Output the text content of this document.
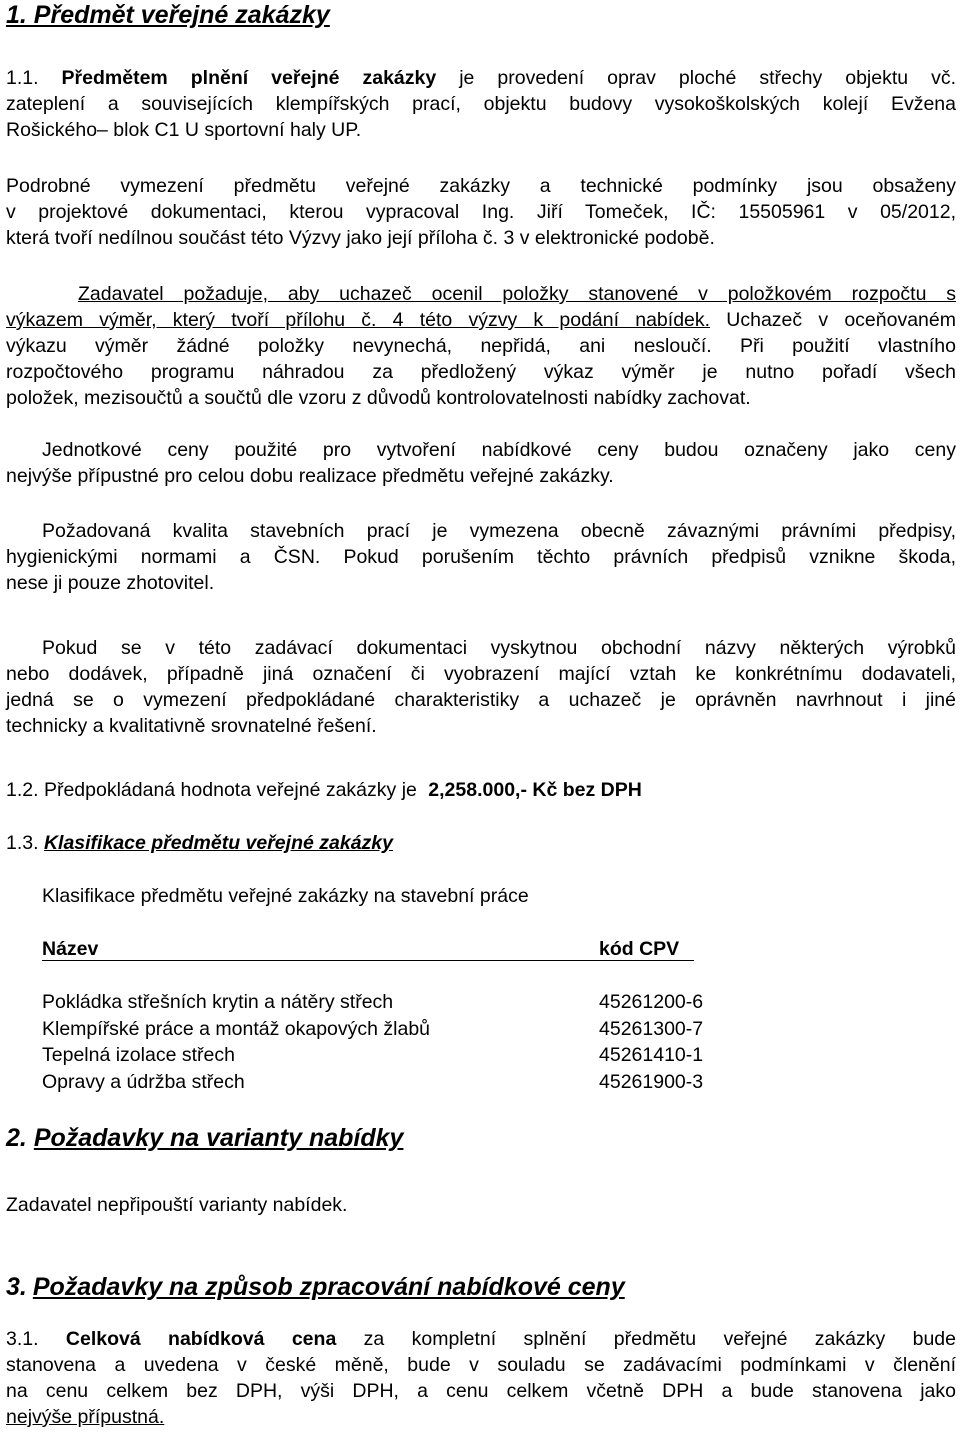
1. Předmět veřejné zakázky
1.1. Předmětem plnění veřejné zakázky je provedení oprav ploché střechy objektu vč.
zateplení a souvisejících klempířských prací, objektu budovy vysokoškolských kolejí Evžena
Rošického– blok C1 U sportovní haly UP.
Podrobné vymezení předmětu veřejné zakázky a technické podmínky jsou obsaženy
v projektové dokumentaci, kterou vypracoval Ing. Jiří Tomeček, IČ: 15505961 v 05/2012,
která tvoří nedílnou součást této Výzvy jako její příloha č. 3 v elektronické podobě.
Zadavatel požaduje, aby uchazeč ocenil položky stanovené v položkovém rozpočtu s
výkazem výměr, který tvoří přílohu č. 4 této výzvy k podání nabídek. Uchazeč v oceňovaném
výkazu výměr žádné položky nevynechá, nepřidá, ani nesloučí. Při použití vlastního
rozpočtového programu náhradou za předložený výkaz výměr je nutno pořadí všech
položek, mezisoučtů a součtů dle vzoru z důvodů kontrolovatelnosti nabídky zachovat.
Jednotkové ceny použité pro vytvoření nabídkové ceny budou označeny jako ceny
nejvýše přípustné pro celou dobu realizace předmětu veřejné zakázky.
Požadovaná kvalita stavebních prací je vymezena obecně závaznými právními předpisy,
hygienickými normami a ČSN. Pokud porušením těchto právních předpisů vznikne škoda,
nese ji pouze zhotovitel.
Pokud se v této zadávací dokumentaci vyskytnou obchodní názvy některých výrobků
nebo dodávek, případně jiná označení či vyobrazení mající vztah ke konkrétnímu dodavateli,
jedná se o vymezení předpokládané charakteristiky a uchazeč je oprávněn navrhnout i jiné
technicky a kvalitativně srovnatelné řešení.
1.2. Předpokládaná hodnota veřejné zakázky je 2,258.000,- Kč bez DPH
1.3. Klasifikace předmětu veřejné zakázky
Klasifikace předmětu veřejné zakázky na stavební práce
Název	kód CPV
Pokládka střešních krytin a nátěry střech	45261200-6
Klempířské práce a montáž okapových žlabů	45261300-7
Tepelná izolace střech	45261410-1
Opravy a údržba střech	45261900-3
2. Požadavky na varianty nabídky
Zadavatel nepřipouští varianty nabídek.
3. Požadavky na způsob zpracování nabídkové ceny
3.1. Celková nabídková cena za kompletní splnění předmětu veřejné zakázky bude
stanovena a uvedena v české měně, bude v souladu se zadávacími podmínkami v členění
na cenu celkem bez DPH, výši DPH, a cenu celkem včetně DPH a bude stanovena jako
nejvýše přípustná.
